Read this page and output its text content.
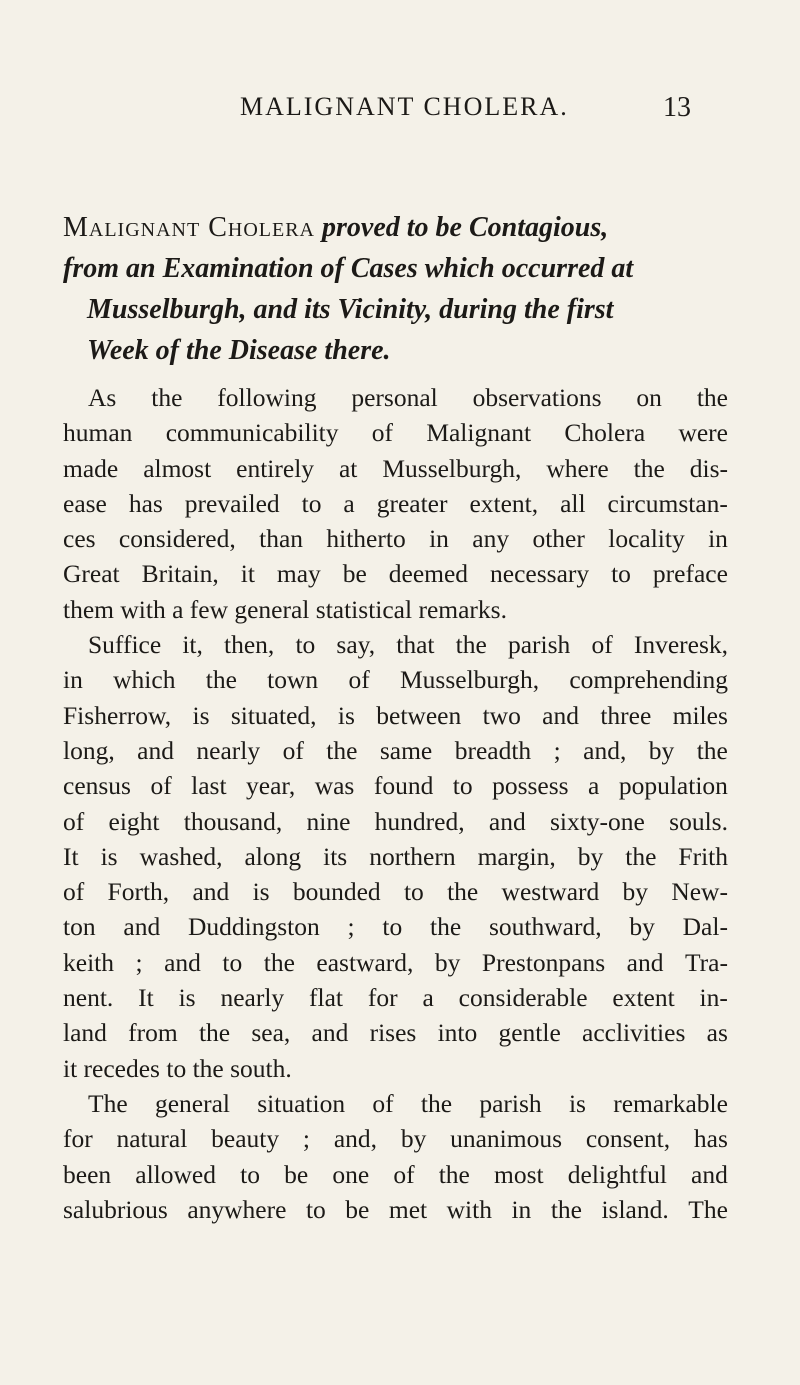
MALIGNANT CHOLERA.	13
Malignant Cholera proved to be Contagious,
from an Examination of Cases which occurred at
Musselburgh, and its Vicinity, during the first
Week of the Disease there.
As the following personal observations on the
human communicability of Malignant Cholera were
made almost entirely at Musselburgh, where the dis-
ease has prevailed to a greater extent, all circumstan-
ces considered, than hitherto in any other locality in
Great Britain, it may be deemed necessary to preface
them with a few general statistical remarks.
Suffice it, then, to say, that the parish of Inveresk,
in which the town of Musselburgh, comprehending
Fisherrow, is situated, is between two and three miles
long, and nearly of the same breadth ; and, by the
census of last year, was found to possess a population
of eight thousand, nine hundred, and sixty-one souls.
It is washed, along its northern margin, by the Frith
of Forth, and is bounded to the westward by New-
ton and Duddingston ; to the southward, by Dal-
keith ; and to the eastward, by Prestonpans and Tra-
nent. It is nearly flat for a considerable extent in-
land from the sea, and rises into gentle acclivities as
it recedes to the south.
The general situation of the parish is remarkable
for natural beauty ; and, by unanimous consent, has
been allowed to be one of the most delightful and
salubrious anywhere to be met with in the island. The
